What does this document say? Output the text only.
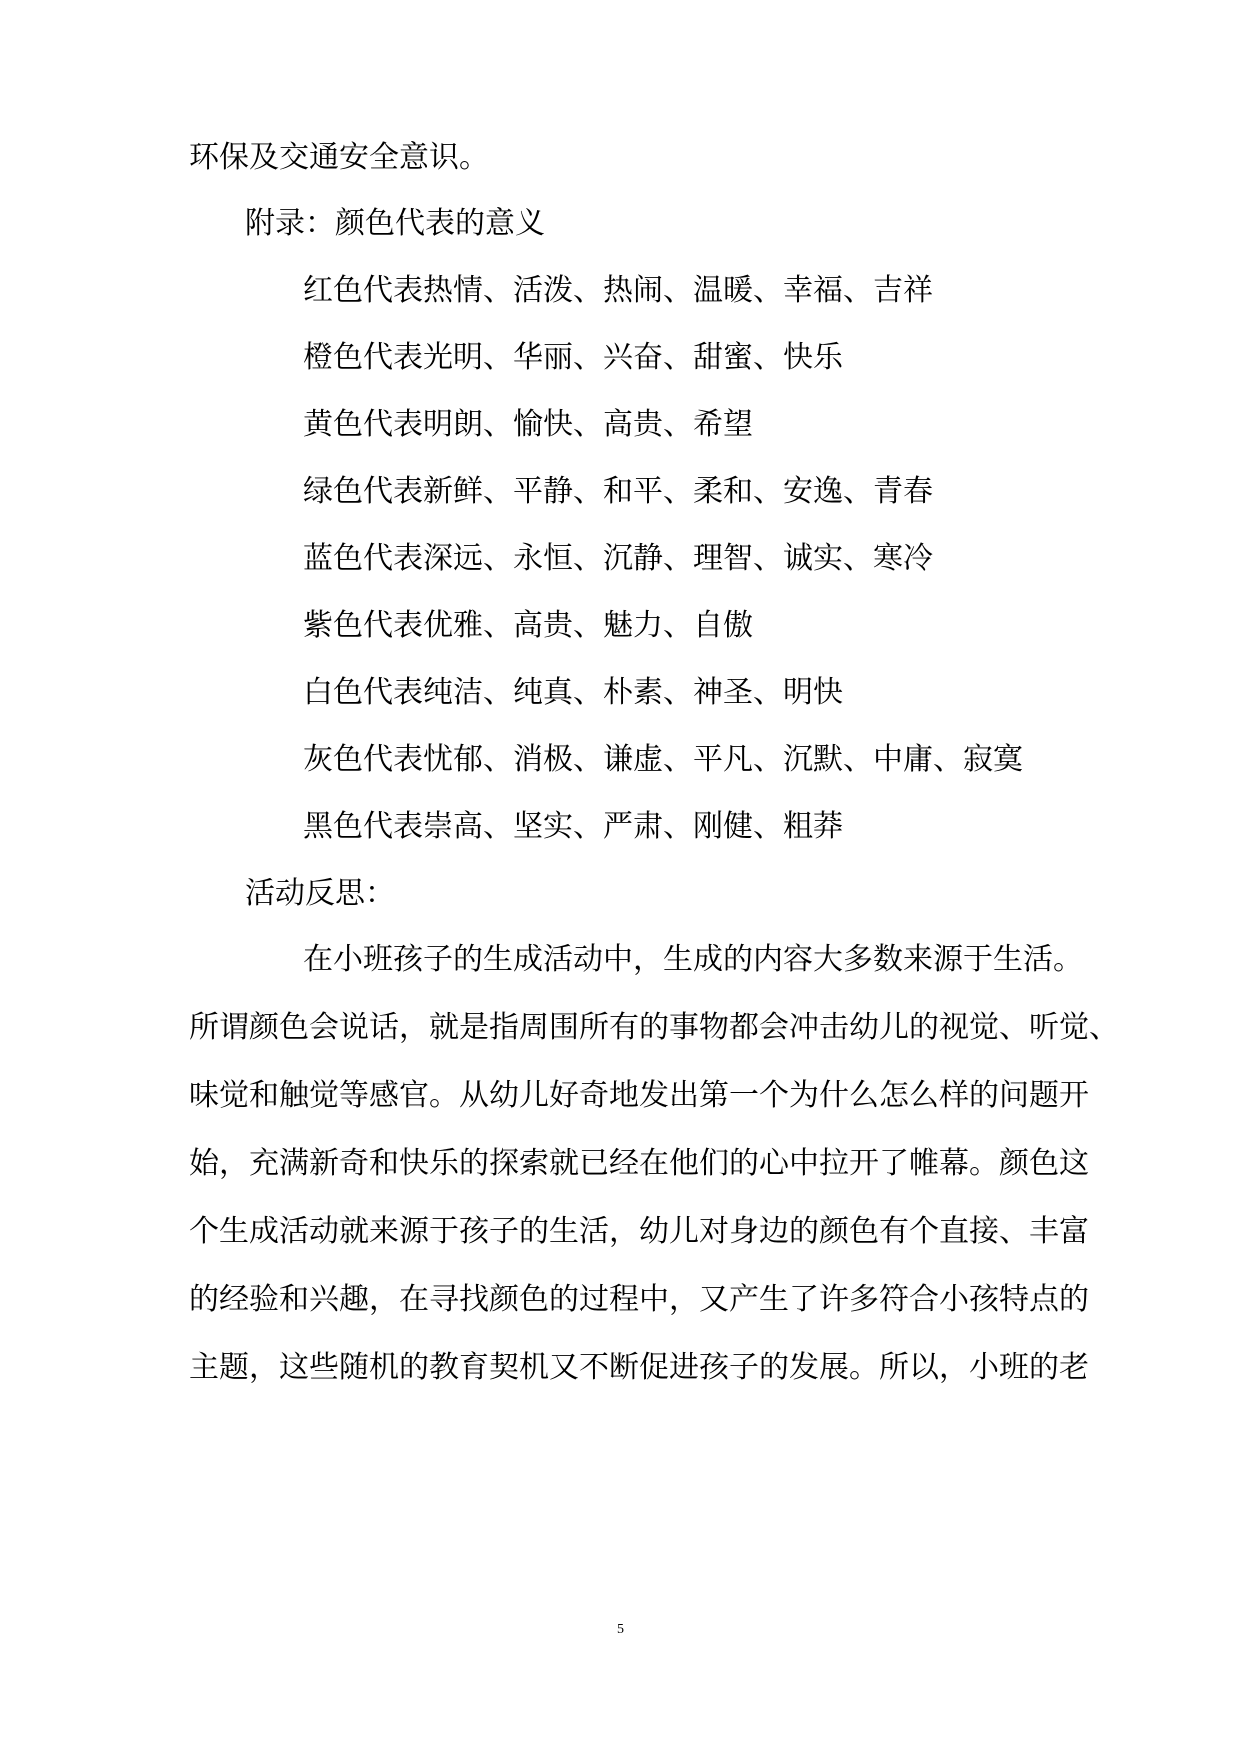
环保及交通安全意识。
附录：颜色代表的意义
红色代表热情、活泼、热闹、温暖、幸福、吉祥
橙色代表光明、华丽、兴奋、甜蜜、快乐
黄色代表明朗、愉快、高贵、希望
绿色代表新鲜、平静、和平、柔和、安逸、青春
蓝色代表深远、永恒、沉静、理智、诚实、寒冷
紫色代表优雅、高贵、魅力、自傲
白色代表纯洁、纯真、朴素、神圣、明快
灰色代表忧郁、消极、谦虚、平凡、沉默、中庸、寂寞
黑色代表崇高、坚实、严肃、刚健、粗莽
活动反思：
在小班孩子的生成活动中，生成的内容大多数来源于生活。
所谓颜色会说话，就是指周围所有的事物都会冲击幼儿的视觉、听觉、
味觉和触觉等感官。从幼儿好奇地发出第一个为什么怎么样的问题开
始，充满新奇和快乐的探索就已经在他们的心中拉开了帷幕。颜色这
个生成活动就来源于孩子的生活，幼儿对身边的颜色有个直接、丰富
的经验和兴趣，在寻找颜色的过程中，又产生了许多符合小孩特点的
主题，这些随机的教育契机又不断促进孩子的发展。所以，小班的老
5
